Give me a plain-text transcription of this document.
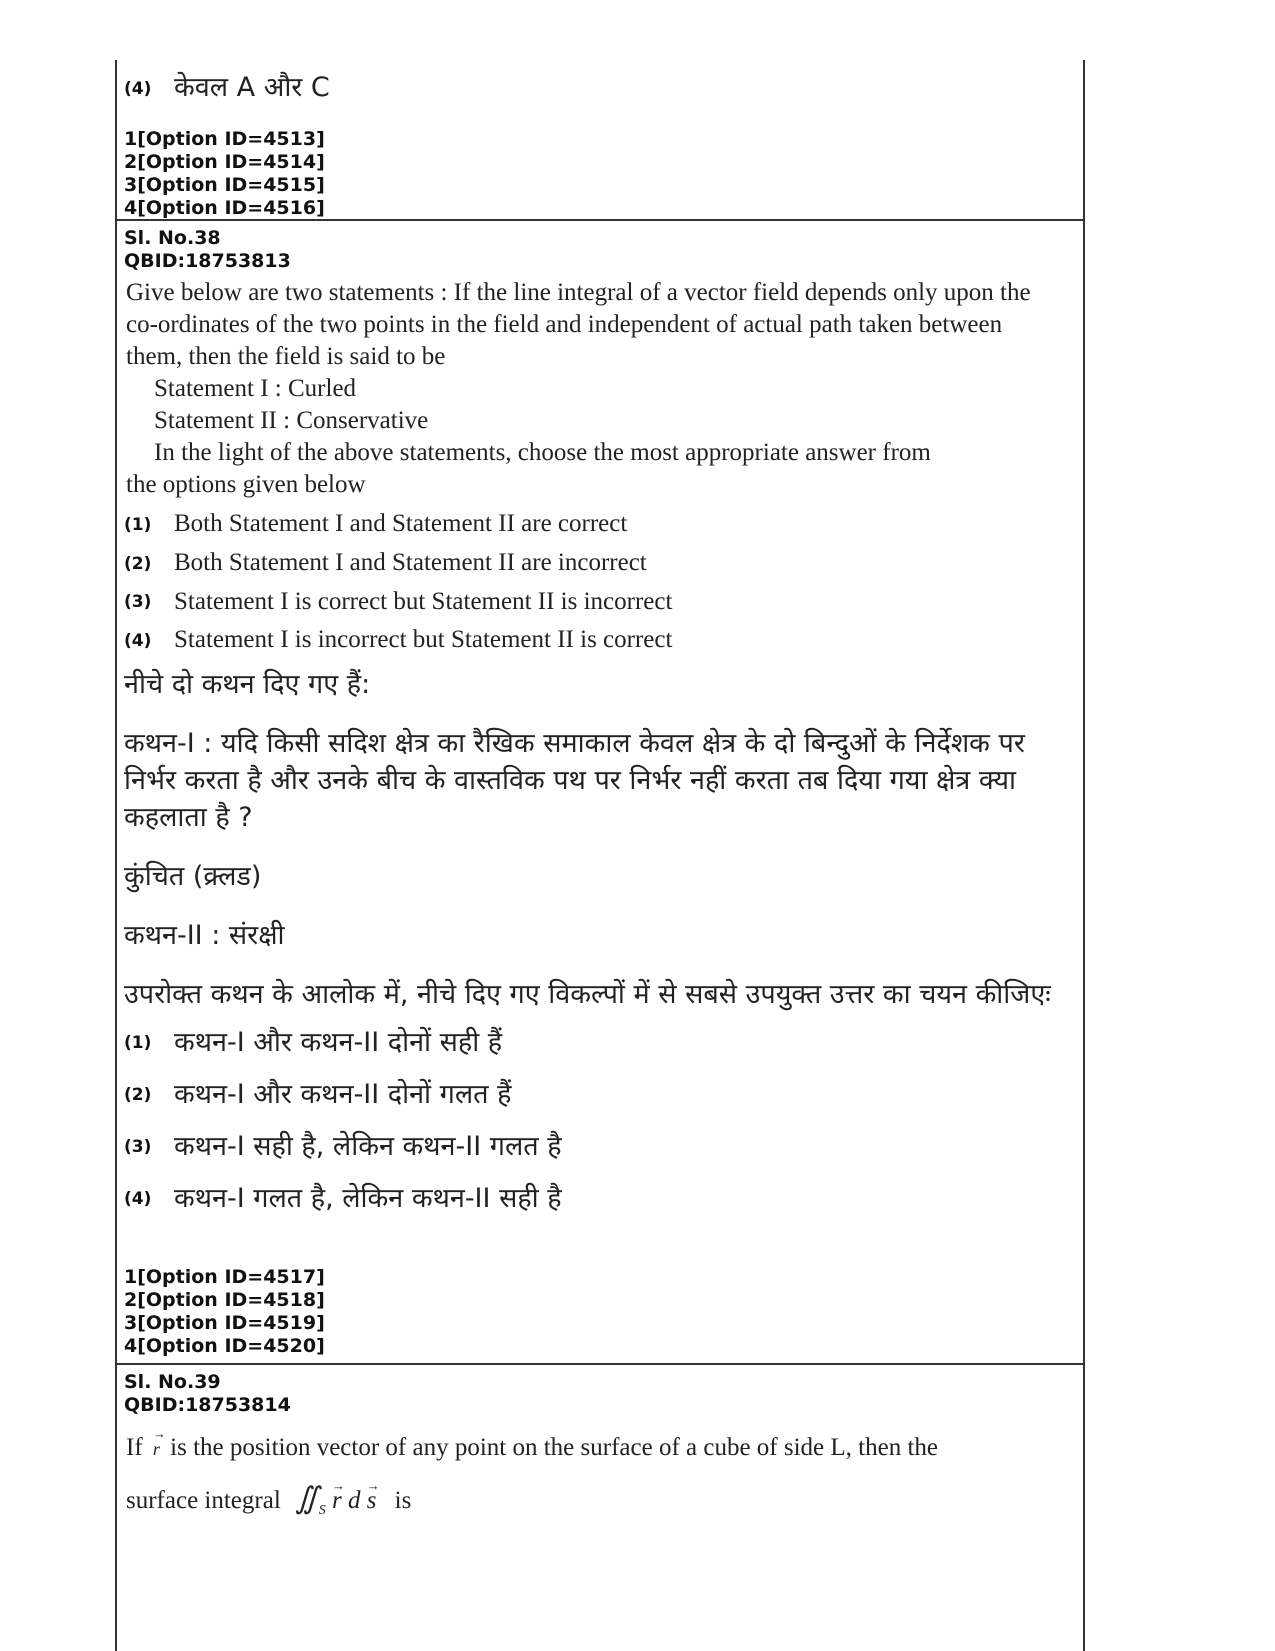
(4) केवल A और C
1[Option ID=4513]
2[Option ID=4514]
3[Option ID=4515]
4[Option ID=4516]
Sl. No.38
QBID:18753813
Give below are two statements : If the line integral of a vector field depends only upon the co-ordinates of the two points in the field and independent of actual path taken between them, then the field is said to be
Statement I : Curled
Statement II : Conservative
In the light of the above statements, choose the most appropriate answer from
the options given below
(1) Both Statement I and Statement II are correct
(2) Both Statement I and Statement II are incorrect
(3) Statement I is correct but Statement II is incorrect
(4) Statement I is incorrect but Statement II is correct
नीचे दो कथन दिए गए हैं:
कथन-I : यदि किसी सदिश क्षेत्र का रैखिक समाकाल केवल क्षेत्र के दो बिन्दुओं के निर्देशक पर निर्भर करता है और उनके बीच के वास्तविक पथ पर निर्भर नहीं करता तब दिया गया क्षेत्र क्या कहलाता है ?
कुंचित (क्र्लड)
कथन-II : संरक्षी
उपरोक्त कथन के आलोक में, नीचे दिए गए विकल्पों में से सबसे उपयुक्त उत्तर का चयन कीजिएः
(1) कथन-I और कथन-II दोनों सही हैं
(2) कथन-I और कथन-II दोनों गलत हैं
(3) कथन-I सही है, लेकिन कथन-II गलत है
(4) कथन-I गलत है, लेकिन कथन-II सही है
1[Option ID=4517]
2[Option ID=4518]
3[Option ID=4519]
4[Option ID=4520]
Sl. No.39
QBID:18753814
If → r is the position vector of any point on the surface of a cube of side L, then the
surface integral $∬_S \to r$ d → s is
